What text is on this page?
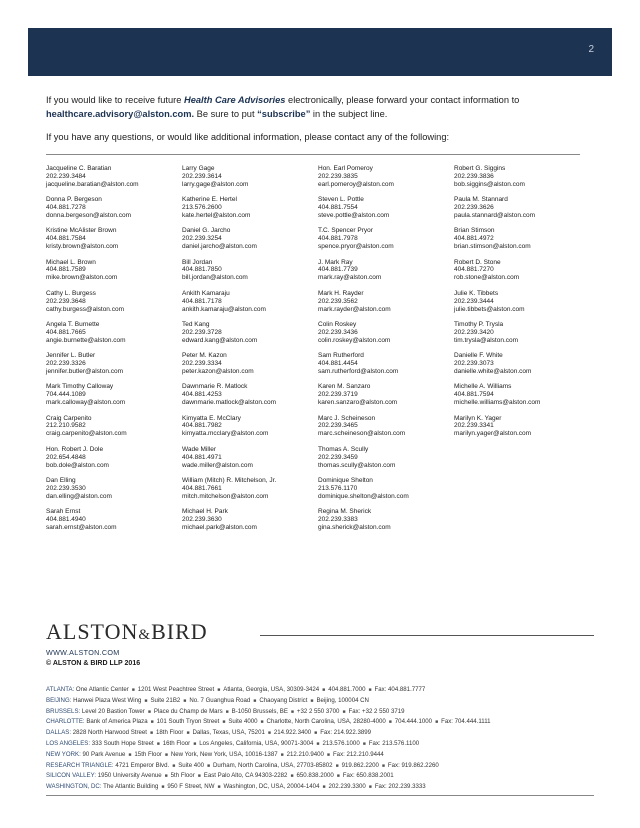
2

If you would like to receive future Health Care Advisories electronically, please forward your contact information to
healthcare.advisory@alston.com. Be sure to put “subscribe” in the subject line.

If you have any questions, or would like additional information, please contact any of the following:

Jacqueline C. Baratian
202.239.3484
jacqueline.baratian@alston.com
Donna P. Bergeson
404.881.7278
donna.bergeson@alston.com
Kristine McAlister Brown
404.881.7584
kristy.brown@alston.com
Michael L. Brown
404.881.7589
mike.brown@alston.com
Cathy L. Burgess
202.239.3648
cathy.burgess@alston.com
Angela T. Burnette
404.881.7665
angie.burnette@alston.com
Jennifer L. Butler
202.239.3326
jennifer.butler@alston.com
Mark Timothy Calloway
704.444.1089
mark.calloway@alston.com
Craig Carpenito
212.210.9582
craig.carpenito@alston.com
Hon. Robert J. Dole
202.654.4848
bob.dole@alston.com
Dan Elling
202.239.3530
dan.elling@alston.com
Sarah Ernst
404.881.4940
sarah.ernst@alston.com
Larry Gage
202.239.3614
larry.gage@alston.com
Katherine E. Hertel
213.576.2600
kate.hertel@alston.com
Daniel G. Jarcho
202.239.3254
daniel.jarcho@alston.com
Bill Jordan
404.881.7850
bill.jordan@alston.com
Ankith Kamaraju
404.881.7178
ankith.kamaraju@alston.com
Ted Kang
202.239.3728
edward.kang@alston.com
Peter M. Kazon
202.239.3334
peter.kazon@alston.com
Dawnmarie R. Matlock
404.881.4253
dawnmarie.matlock@alston.com
Kimyatta E. McClary
404.881.7982
kimyatta.mcclary@alston.com
Wade Miller
404.881.4971
wade.miller@alston.com
William (Mitch) R. Mitchelson, Jr.
404.881.7661
mitch.mitchelson@alston.com
Michael H. Park
202.239.3630
michael.park@alston.com
Hon. Earl Pomeroy
202.239.3835
earl.pomeroy@alston.com
Steven L. Pottle
404.881.7554
steve.pottle@alston.com
T.C. Spencer Pryor
404.881.7978
spence.pryor@alston.com
J. Mark Ray
404.881.7739
mark.ray@alston.com
Mark H. Rayder
202.239.3562
mark.rayder@alston.com
Colin Roskey
202.239.3436
colin.roskey@alston.com
Sam Rutherford
404.881.4454
sam.rutherford@alston.com
Karen M. Sanzaro
202.239.3719
karen.sanzaro@alston.com
Marc J. Scheineson
202.239.3465
marc.scheineson@alston.com
Thomas A. Scully
202.239.3459
thomas.scully@alston.com
Dominique Shelton
213.576.1170
dominique.shelton@alston.com
Regina M. Sherick
202.239.3383
gina.sherick@alston.com
Robert G. Siggins
202.239.3836
bob.siggins@alston.com
Paula M. Stannard
202.239.3626
paula.stannard@alston.com
Brian Stimson
404.881.4972
brian.stimson@alston.com
Robert D. Stone
404.881.7270
rob.stone@alston.com
Julie K. Tibbets
202.239.3444
julie.tibbets@alston.com
Timothy P. Trysla
202.239.3420
tim.trysla@alston.com
Danielle F. White
202.239.3073
danielle.white@alston.com
Michelle A. Williams
404.881.7594
michelle.williams@alston.com
Marilyn K. Yager
202.239.3341
marilyn.yager@alston.com
ALSTON&BIRD
WWW.ALSTON.COM
© ALSTON & BIRD LLP 2016
ATLANTA: One Atlantic Center ■ 1201 West Peachtree Street ■ Atlanta, Georgia, USA, 30309-3424 ■ 404.881.7000 ■ Fax: 404.881.7777
BEIJING: Hanwei Plaza West Wing ■ Suite 21B2 ■ No. 7 Guanghua Road ■ Chaoyang District ■ Beijing, 100004 CN
BRUSSELS: Level 20 Bastion Tower ■ Place du Champ de Mars ■ B-1050 Brussels, BE ■ +32 2 550 3700 ■ Fax: +32 2 550 3719
CHARLOTTE: Bank of America Plaza ■ 101 South Tryon Street ■ Suite 4000 ■ Charlotte, North Carolina, USA, 28280-4000 ■ 704.444.1000 ■ Fax: 704.444.1111
DALLAS: 2828 North Harwood Street ■ 18th Floor ■ Dallas, Texas, USA, 75201 ■ 214.922.3400 ■ Fax: 214.922.3899
LOS ANGELES: 333 South Hope Street ■ 16th Floor ■ Los Angeles, California, USA, 90071-3004 ■ 213.576.1000 ■ Fax: 213.576.1100
NEW YORK: 90 Park Avenue ■ 15th Floor ■ New York, New York, USA, 10016-1387 ■ 212.210.9400 ■ Fax: 212.210.9444
RESEARCH TRIANGLE: 4721 Emperor Blvd. ■ Suite 400 ■ Durham, North Carolina, USA, 27703-85802 ■ 919.862.2200 ■ Fax: 919.862.2260
SILICON VALLEY: 1950 University Avenue ■ 5th Floor ■ East Palo Alto, CA 94303-2282 ■ 650.838.2000 ■ Fax: 650.838.2001
WASHINGTON, DC: The Atlantic Building ■ 950 F Street, NW ■ Washington, DC, USA, 20004-1404 ■ 202.239.3300 ■ Fax: 202.239.3333
